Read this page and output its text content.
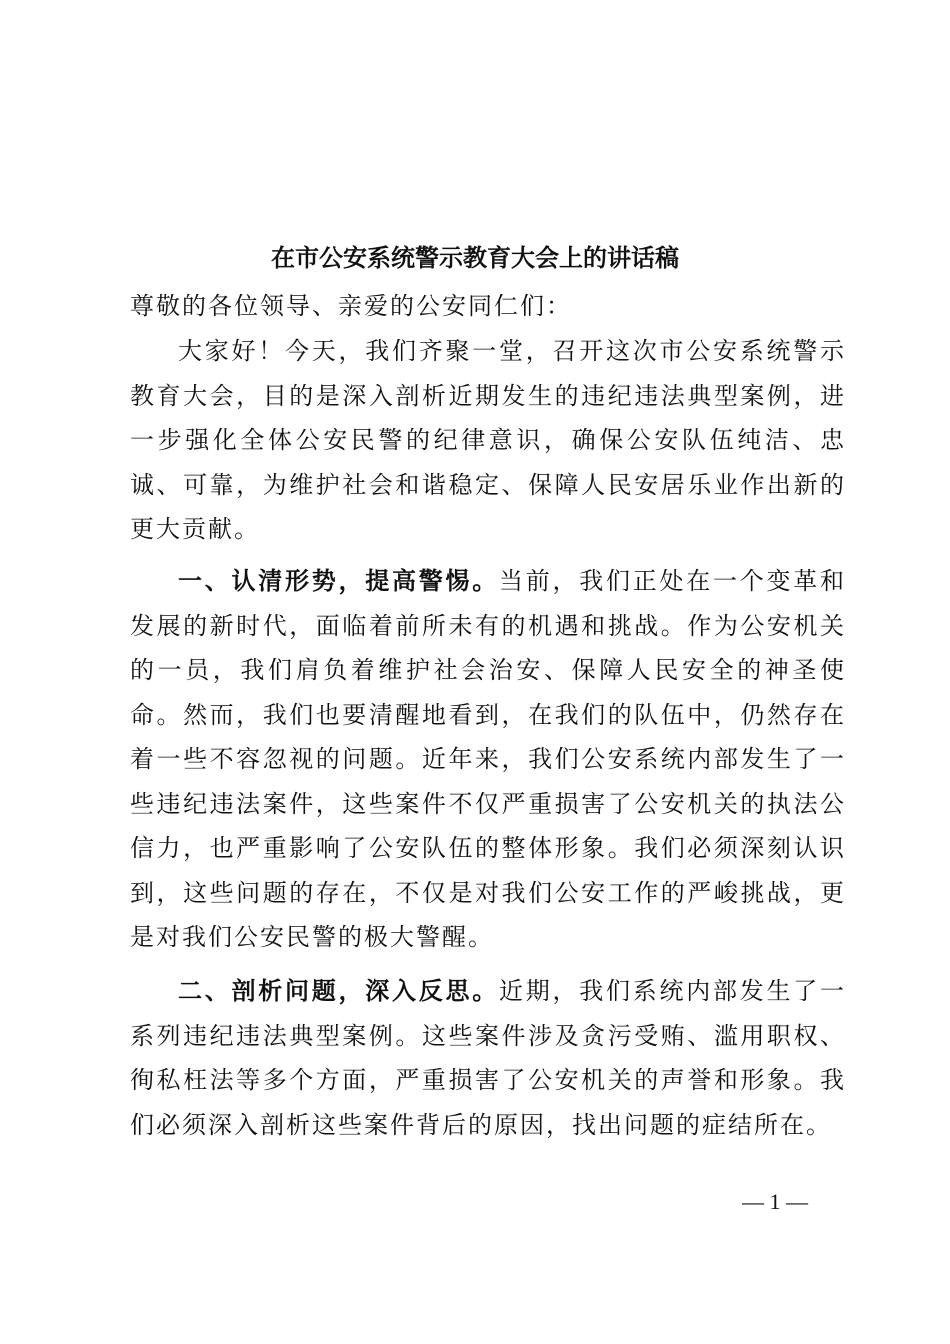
在市公安系统警示教育大会上的讲话稿
尊敬的各位领导、亲爱的公安同仁们：
大家好！今天，我们齐聚一堂，召开这次市公安系统警示教育大会，目的是深入剖析近期发生的违纪违法典型案例，进一步强化全体公安民警的纪律意识，确保公安队伍纯洁、忠诚、可靠，为维护社会和谐稳定、保障人民安居乐业作出新的更大贡献。
一、认清形势，提高警惕。当前，我们正处在一个变革和发展的新时代，面临着前所未有的机遇和挑战。作为公安机关的一员，我们肩负着维护社会治安、保障人民安全的神圣使命。然而，我们也要清醒地看到，在我们的队伍中，仍然存在着一些不容忽视的问题。近年来，我们公安系统内部发生了一些违纪违法案件，这些案件不仅严重损害了公安机关的执法公信力，也严重影响了公安队伍的整体形象。我们必须深刻认识到，这些问题的存在，不仅是对我们公安工作的严峻挑战，更是对我们公安民警的极大警醒。
二、剖析问题，深入反思。近期，我们系统内部发生了一系列违纪违法典型案例。这些案件涉及贪污受贿、滥用职权、徇私枉法等多个方面，严重损害了公安机关的声誉和形象。我们必须深入剖析这些案件背后的原因，找出问题的症结所在。
— 1 —
